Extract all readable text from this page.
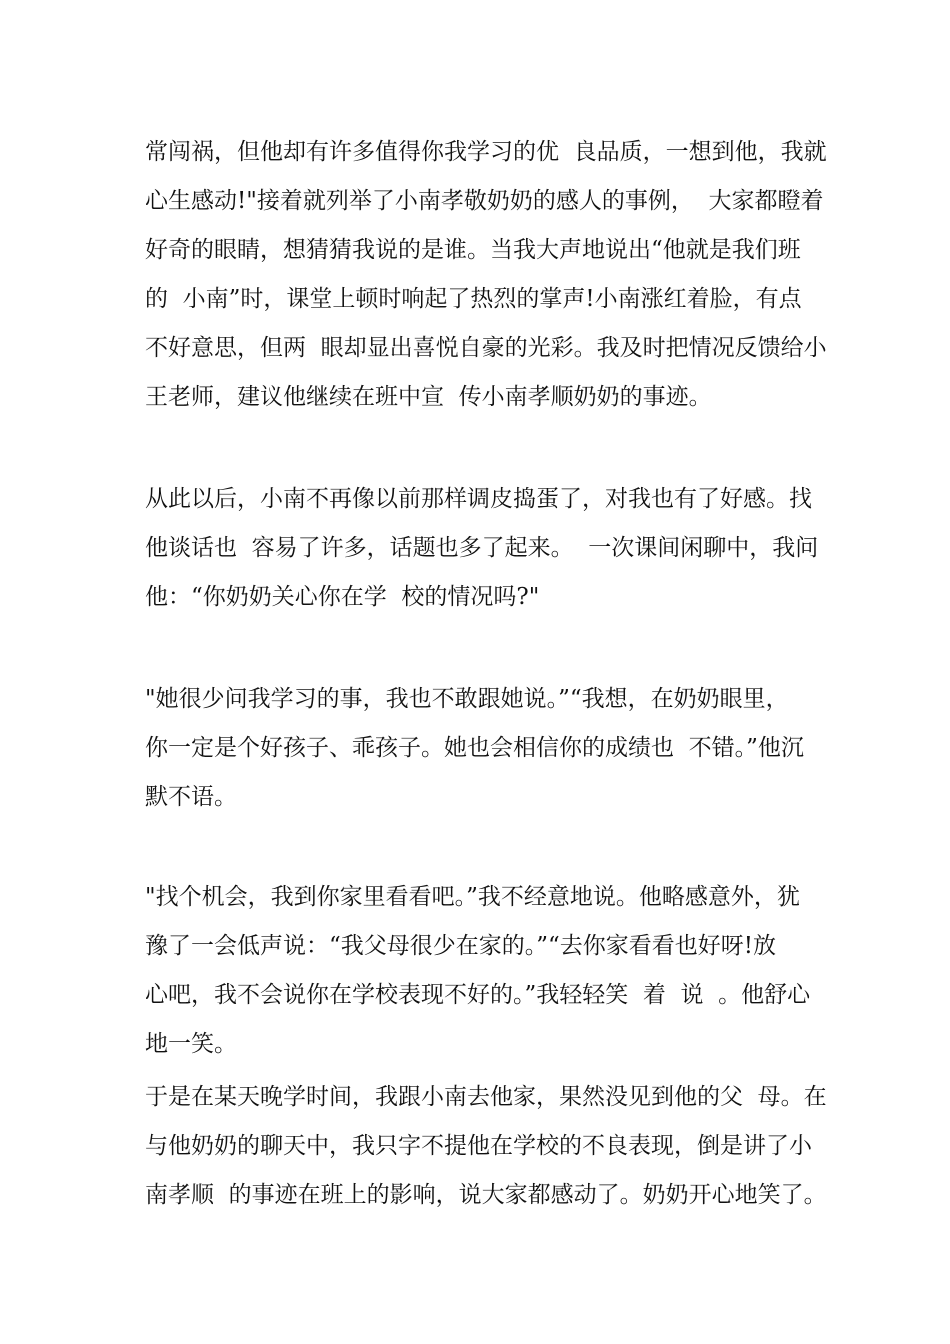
常闯祸，但他却有许多值得你我学习的优  良品质，一想到他，我就
心生感动!"接着就列举了小南孝敬奶奶的感人的事例，  大家都瞪着
好奇的眼睛，想猜猜我说的是谁。当我大声地说出“他就是我们班
的  小南”时，课堂上顿时响起了热烈的掌声!小南涨红着脸，有点
不好意思，但两  眼却显出喜悦自豪的光彩。我及时把情况反馈给小
王老师，建议他继续在班中宣  传小南孝顺奶奶的事迹。
从此以后，小南不再像以前那样调皮捣蛋了，对我也有了好感。找
他谈话也  容易了许多，话题也多了起来。  一次课间闲聊中，我问
他：“你奶奶关心你在学  校的情况吗?"
"她很少问我学习的事，我也不敢跟她说。”“我想，在奶奶眼里，
你一定是个好孩子、乖孩子。她也会相信你的成绩也  不错。”他沉
默不语。
"找个机会，我到你家里看看吧。”我不经意地说。他略感意外，犹
豫了一会低声说：“我父母很少在家的。”“去你家看看也好呀!放
心吧，我不会说你在学校表现不好的。”我轻轻笑  着  说  。他舒心
地一笑。
于是在某天晚学时间，我跟小南去他家，果然没见到他的父  母。在
与他奶奶的聊天中，我只字不提他在学校的不良表现，倒是讲了小
南孝顺  的事迹在班上的影响，说大家都感动了。奶奶开心地笑了。
